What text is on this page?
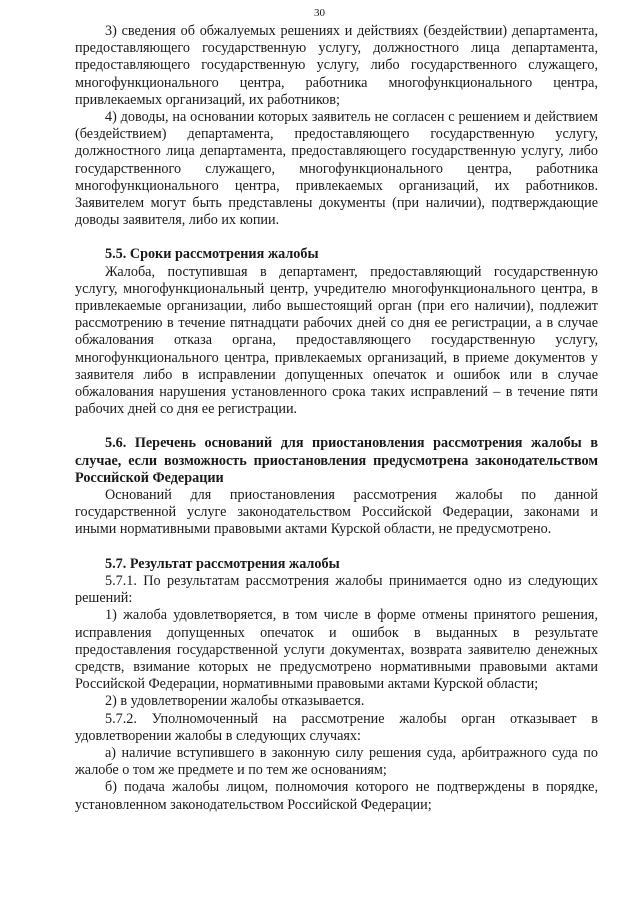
30

3) сведения об обжалуемых решениях и действиях (бездействии) департамента, предоставляющего государственную услугу, должностного лица департамента, предоставляющего государственную услугу, либо государственного служащего, многофункционального центра, работника многофункционального центра, привлекаемых организаций, их работников;

4) доводы, на основании которых заявитель не согласен с решением и действием (бездействием) департамента, предоставляющего государственную услугу, должностного лица департамента, предоставляющего государственную услугу, либо государственного служащего, многофункционального центра, работника многофункционального центра, привлекаемых организаций, их работников. Заявителем могут быть представлены документы (при наличии), подтверждающие доводы заявителя, либо их копии.

5.5. Сроки рассмотрения жалобы

Жалоба, поступившая в департамент, предоставляющий государственную услугу, многофункциональный центр, учредителю многофункционального центра, в привлекаемые организации, либо вышестоящий орган (при его наличии), подлежит рассмотрению в течение пятнадцати рабочих дней со дня ее регистрации, а в случае обжалования отказа органа, предоставляющего государственную услугу, многофункционального центра, привлекаемых организаций, в приеме документов у заявителя либо в исправлении допущенных опечаток и ошибок или в случае обжалования нарушения установленного срока таких исправлений – в течение пяти рабочих дней со дня ее регистрации.

5.6. Перечень оснований для приостановления рассмотрения жалобы в случае, если возможность приостановления предусмотрена законодательством Российской Федерации

Оснований для приостановления рассмотрения жалобы по данной государственной услуге законодательством Российской Федерации, законами и иными нормативными правовыми актами Курской области, не предусмотрено.

5.7. Результат рассмотрения жалобы

5.7.1. По результатам рассмотрения жалобы принимается одно из следующих решений:

1) жалоба удовлетворяется, в том числе в форме отмены принятого решения, исправления допущенных опечаток и ошибок в выданных в результате предоставления государственной услуги документах, возврата заявителю денежных средств, взимание которых не предусмотрено нормативными правовыми актами Российской Федерации, нормативными правовыми актами Курской области;

2) в удовлетворении жалобы отказывается.

5.7.2. Уполномоченный на рассмотрение жалобы орган отказывает в удовлетворении жалобы в следующих случаях:

а) наличие вступившего в законную силу решения суда, арбитражного суда по жалобе о том же предмете и по тем же основаниям;

б) подача жалобы лицом, полномочия которого не подтверждены в порядке, установленном законодательством Российской Федерации;
